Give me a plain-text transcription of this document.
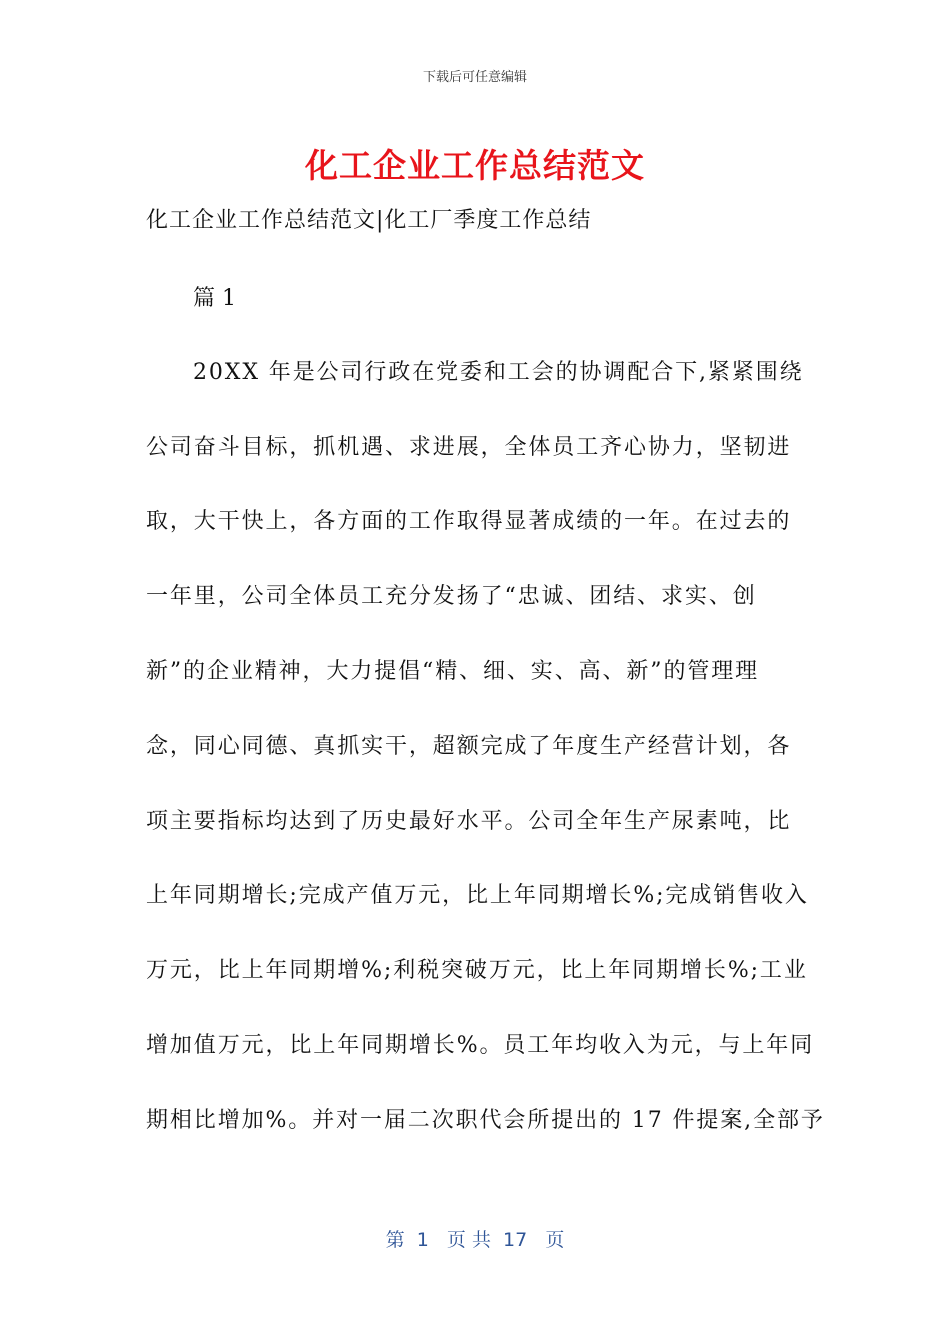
下载后可任意编辑
化工企业工作总结范文
化工企业工作总结范文|化工厂季度工作总结
篇 1
20XX 年是公司行政在党委和工会的协调配合下,紧紧围绕
公司奋斗目标，抓机遇、求进展，全体员工齐心协力，坚韧进
取，大干快上，各方面的工作取得显著成绩的一年。在过去的
一年里，公司全体员工充分发扬了“忠诚、团结、求实、创
新”的企业精神，大力提倡“精、细、实、高、新”的管理理
念，同心同德、真抓实干，超额完成了年度生产经营计划，各
项主要指标均达到了历史最好水平。公司全年生产尿素吨，比
上年同期增长;完成产值万元，比上年同期增长%;完成销售收入
万元，比上年同期增%;利税突破万元，比上年同期增长%;工业
增加值万元，比上年同期增长%。员工年均收入为元，与上年同
期相比增加%。并对一届二次职代会所提出的 17 件提案,全部予
第  1   页 共  17   页
